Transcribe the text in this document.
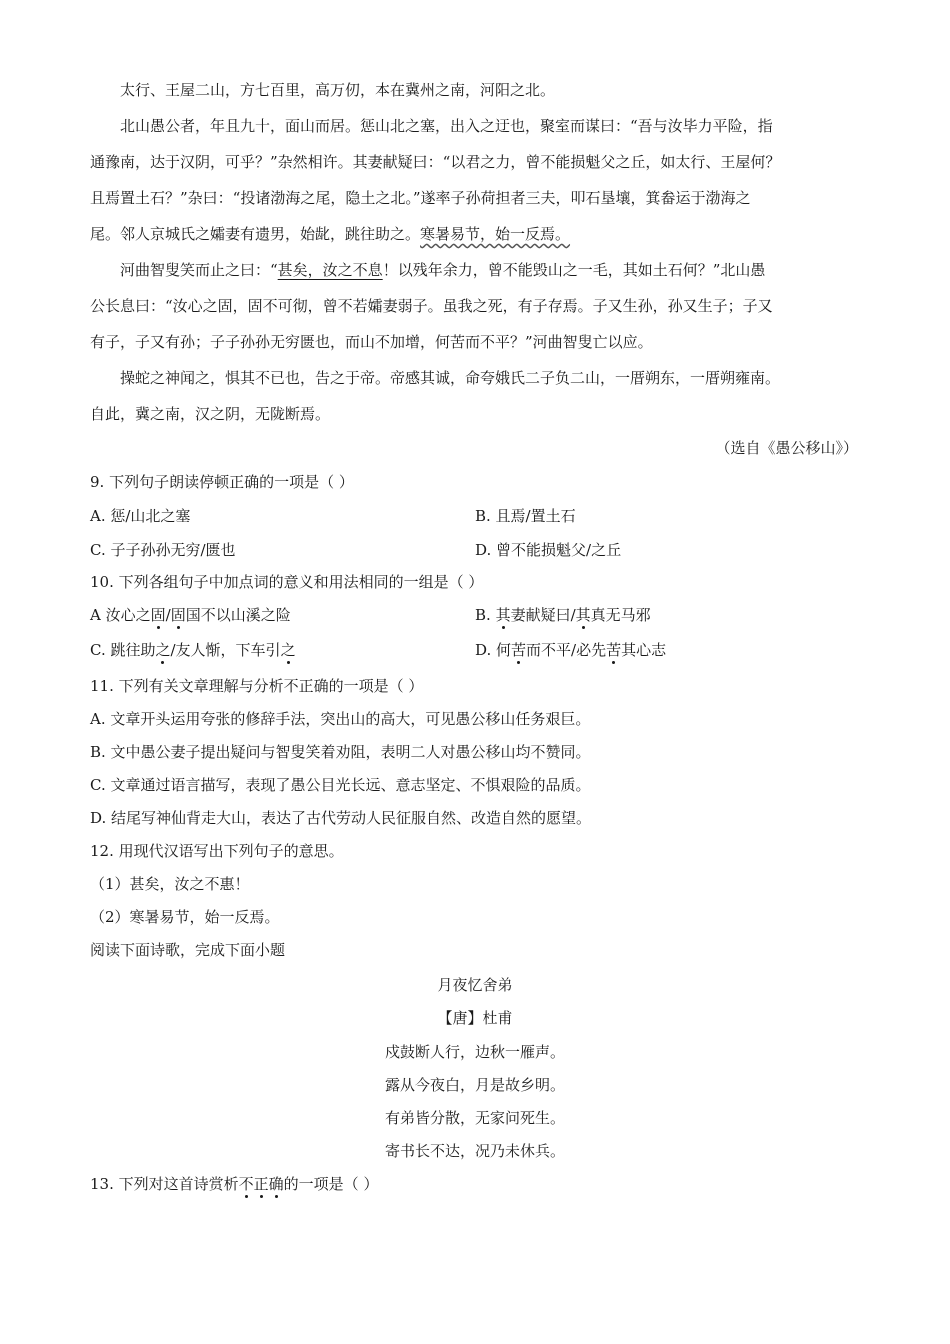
太行、王屋二山，方七百里，高万仞，本在冀州之南，河阳之北。
北山愚公者，年且九十，面山而居。惩山北之塞，出入之迂也，聚室而谋曰：“吾与汝毕力平险，指
通豫南，达于汉阴，可乎？”杂然相许。其妻献疑曰：“以君之力，曾不能损魁父之丘，如太行、王屋何？
且焉置土石？”杂曰：“投诸渤海之尾，隐土之北。”遂率子孙荷担者三夫，叩石垦壤，箕畚运于渤海之
尾。邻人京城氏之孀妻有遗男，始龀，跳往助之。寒暑易节，始一反焉。
河曲智叟笑而止之曰：“甚矣，汝之不息！以残年余力，曾不能毁山之一毛，其如土石何？”北山愚
公长息曰：“汝心之固，固不可彻，曾不若孀妻弱子。虽我之死，有子存焉。子又生孙，孙又生子；子又
有子，子又有孙；子子孙孙无穷匮也，而山不加增，何苦而不平？”河曲智叟亡以应。
操蛇之神闻之，惧其不已也，告之于帝。帝感其诚，命夸娥氏二子负二山，一厝朔东，一厝朔雍南。
自此，冀之南，汉之阴，无陇断焉。
（选自《愚公移山》）
9. 下列句子朗读停顿正确的一项是（ ）
A. 惩/山北之塞	B. 且焉/置土石
C. 子子孙孙无穷/匮也	D. 曾不能损魁父/之丘
10. 下列各组句子中加点词的意义和用法相同的一组是（ ）
A 汝心之固/固国不以山溪之险	B. 其妻献疑曰/其真无马邪
C. 跳往助之/友人惭，下车引之	D. 何苦而不平/必先苦其心志
11. 下列有关文章理解与分析不正确的一项是（ ）
A. 文章开头运用夸张的修辞手法，突出山的高大，可见愚公移山任务艰巨。
B. 文中愚公妻子提出疑问与智叟笑着劝阻，表明二人对愚公移山均不赞同。
C. 文章通过语言描写，表现了愚公目光长远、意志坚定、不惧艰险的品质。
D. 结尾写神仙背走大山，表达了古代劳动人民征服自然、改造自然的愿望。
12. 用现代汉语写出下列句子的意思。
（1）甚矣，汝之不惠！
（2）寒暑易节，始一反焉。
阅读下面诗歌，完成下面小题
月夜忆舍弟
【唐】杜甫
戍鼓断人行，边秋一雁声。
露从今夜白，月是故乡明。
有弟皆分散，无家问死生。
寄书长不达，况乃未休兵。
13. 下列对这首诗赏析不正确的一项是（ ）
